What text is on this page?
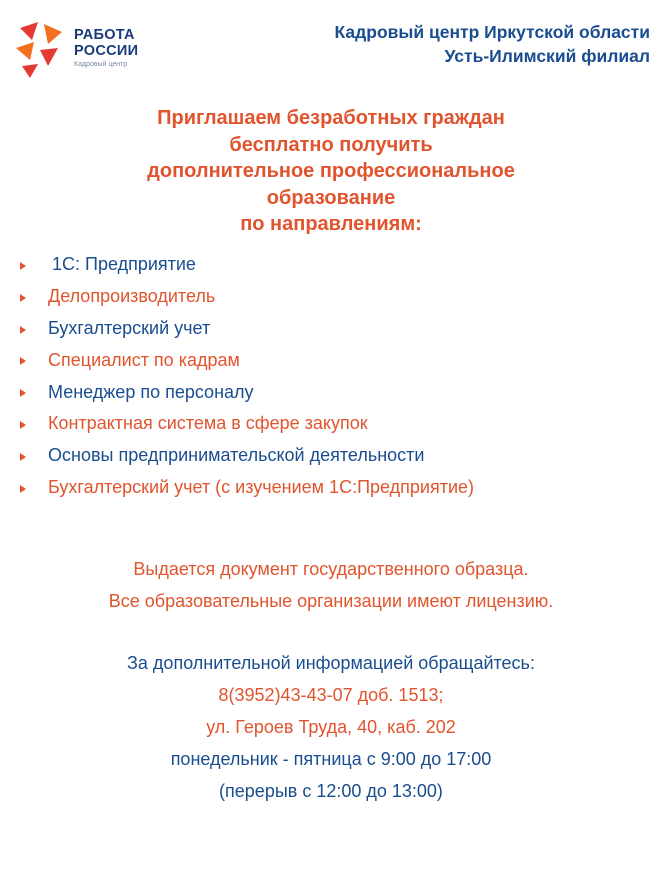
РАБОТА
РОССИИ
Кадровый центр
Кадровый центр Иркутской области
Усть-Илимский филиал
Приглашаем безработных граждан
бесплатно получить
дополнительное профессиональное
образование
по направлениям:
1С: Предприятие
Делопроизводитель
Бухгалтерский учет
Специалист по кадрам
Менеджер по персоналу
Контрактная система в сфере закупок
Основы предпринимательской деятельности
Бухгалтерский учет (с изучением 1С:Предприятие)
Выдается документ государственного образца.
Все образовательные организации имеют лицензию.
За дополнительной информацией обращайтесь:
8(3952)43-43-07 доб. 1513;
ул. Героев Труда, 40, каб. 202
понедельник - пятница с 9:00 до 17:00
(перерыв с 12:00 до 13:00)
